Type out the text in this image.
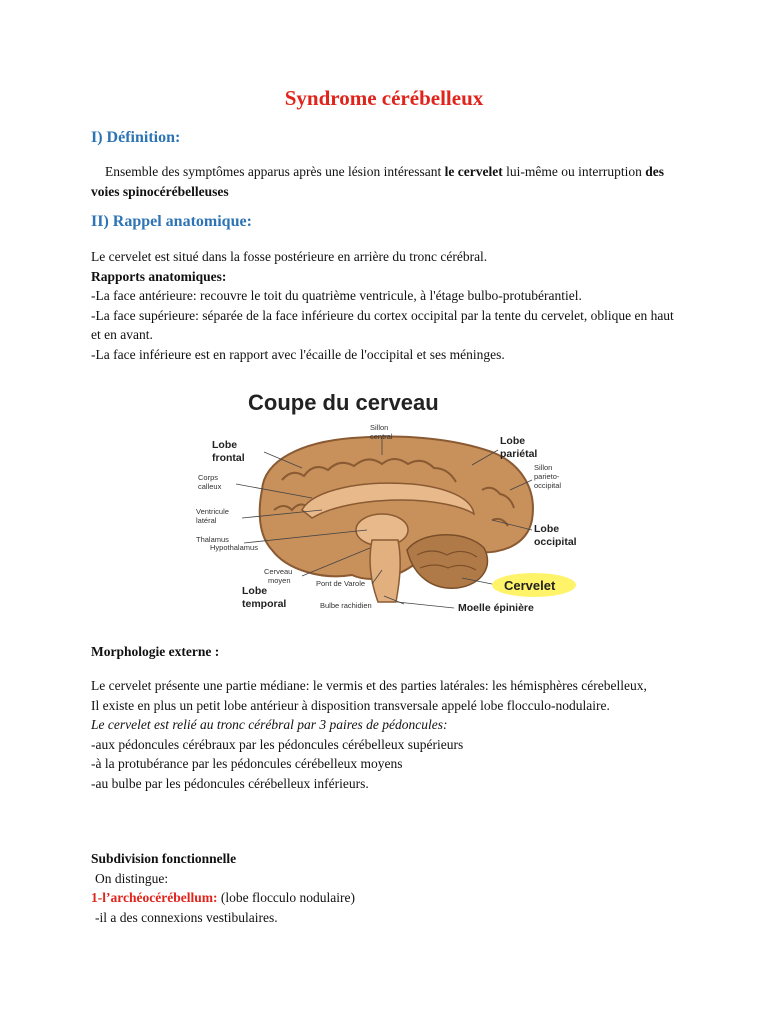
Syndrome cérébelleux
I) Définition:
Ensemble des symptômes apparus après une lésion intéressant le cervelet lui-même ou interruption des voies spinocérébelleuses
II) Rappel anatomique:
Le cervelet est situé dans la fosse postérieure en arrière du tronc cérébral.
Rapports anatomiques:
-La face antérieure: recouvre le toit du quatrième ventricule, à l'étage bulbo-protubérantiel.
-La face supérieure: séparée de la face inférieure du cortex occipital par la tente du cervelet, oblique en haut et en avant.
-La face inférieure est en rapport avec l'écaille de l'occipital et ses méninges.
Coupe du cerveau
Lobe
frontal
Lobe
pariétal
Lobe
occipital
Lobe
temporal	Moelle épinière
Sillon
central
Sillon
parieto-
occipital
Corps
calleux
Ventricule
latéral
Thalamus
Hypothalamus
Cerveau
moyen	Pont de Varole
Bulbe rachidien
Cervelet
Morphologie externe :
Le cervelet présente une partie médiane: le vermis et des parties latérales: les hémisphères cérebelleux,
Il existe en plus un petit lobe antérieur à disposition transversale appelé lobe flocculo-nodulaire.
Le cervelet est relié au tronc cérébral par 3 paires de pédoncules:
-aux pédoncules cérébraux par les pédoncules cérébelleux supérieurs
-à la protubérance par les pédoncules cérébelleux moyens
-au bulbe par les pédoncules cérébelleux inférieurs.
Subdivision fonctionnelle
On distingue:
1-l’archéocérébellum: (lobe flocculo nodulaire)
-il a des connexions vestibulaires.
